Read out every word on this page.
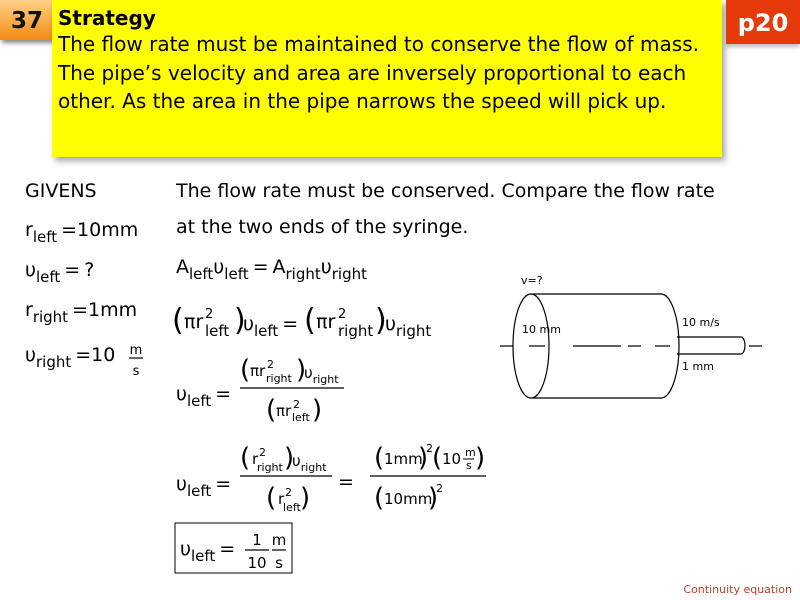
37 Strategy
The flow rate must be maintained to conserve the flow of mass. The pipe’s velocity and area are inversely proportional to each other. As the area in the pipe narrows the speed will pick up.
p20
GIVENS	The flow rate must be conserved. Compare the flow rate
at the two ends of the syringe.
$r_{left} =10mm$
$\upsilon_{left}$ = ?
$r_{right} =1mm$
$\upsilon_{right} =10$ m
s
$A_{left}\upsilon_{left} = A_{right}\upsilon_{right}$
( πr 2
left )
$\upsilon_{left}$ = ( πr 2
right )
$\upsilon_{right}$
$\upsilon_{left}$ =
( πr 2
right )
$\upsilon_{right}$
( πr 2
left )
$\upsilon_{left}$ =
( r 2
right )
$\upsilon_{right}$
( r 2
left )
=
( 1mm
)
2 ( 10 m
s )
( 10mm
)
2
$\upsilon_{left} = 1$
10
m
s
v=?
10 mm
10 m/s
1 mm
Continuity equation
